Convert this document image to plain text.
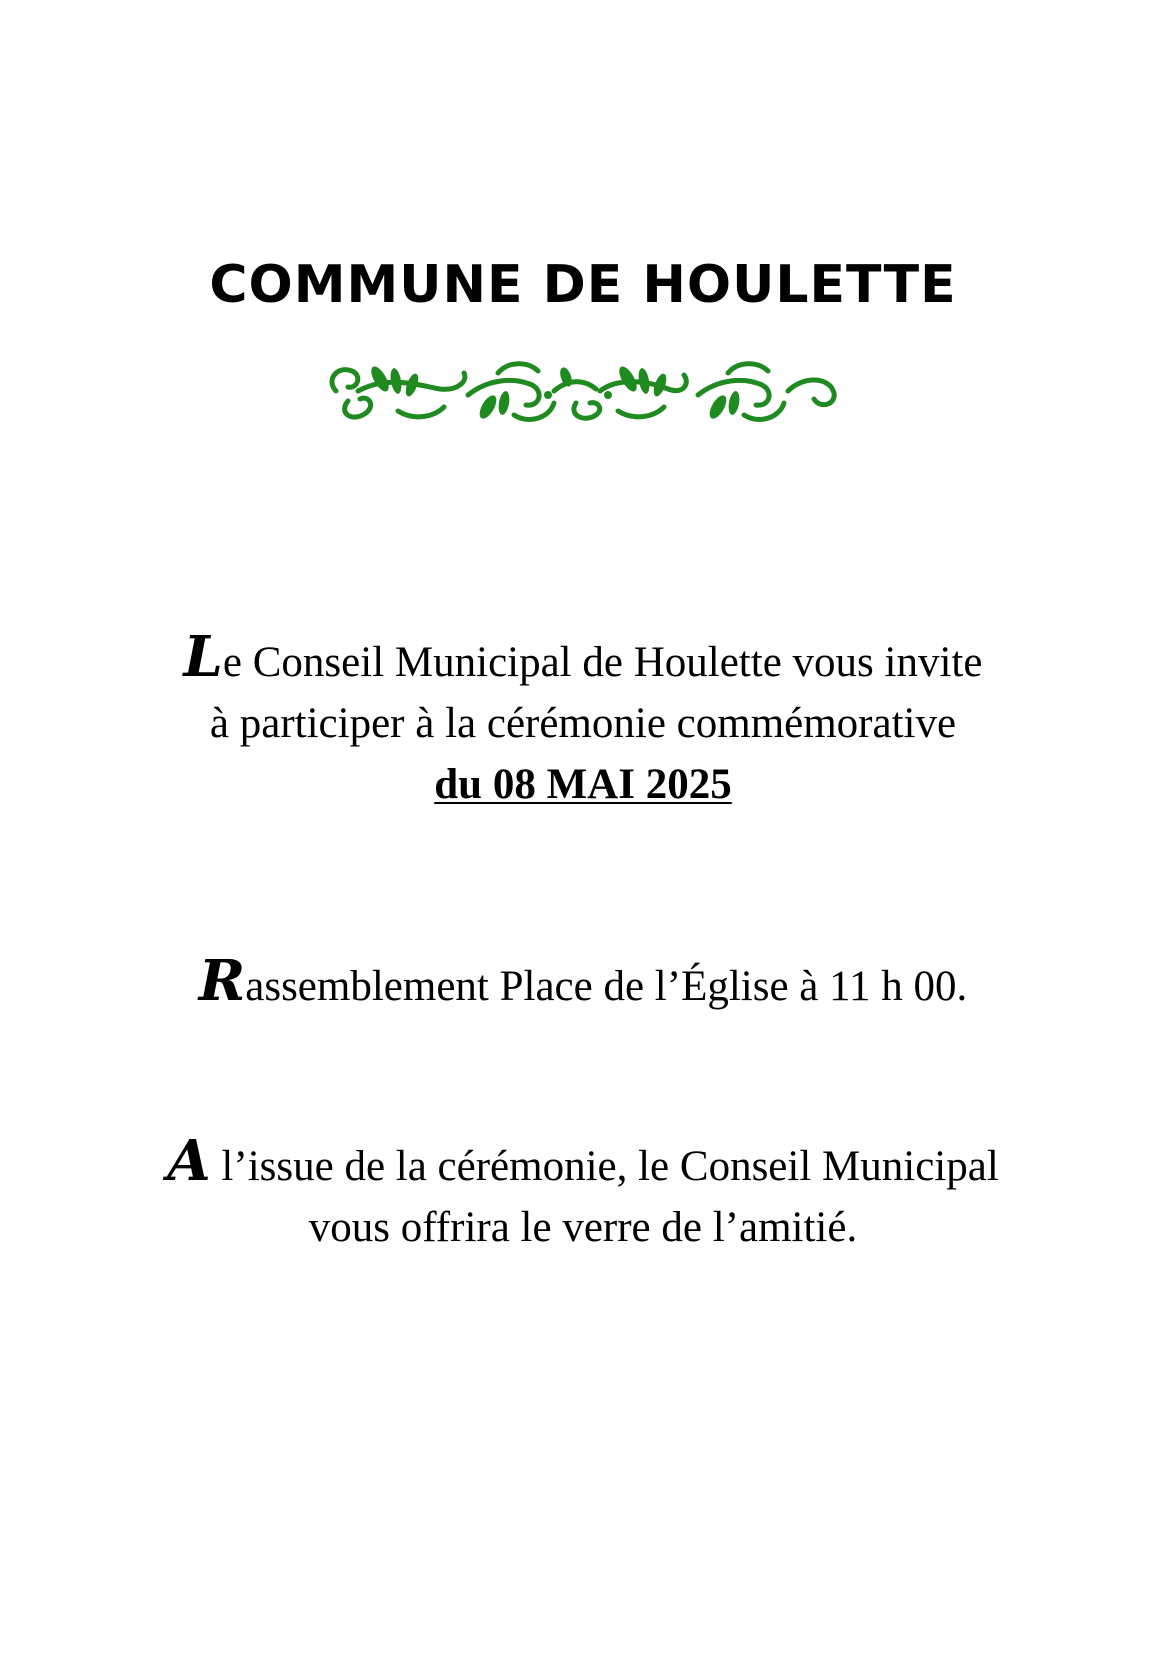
COMMUNE DE HOULETTE

Le Conseil Municipal de Houlette vous invite
à participer à la cérémonie commémorative
du 08 MAI 2025

Rassemblement Place de l’Église à 11 h 00.

A l’issue de la cérémonie, le Conseil Municipal
vous offrira le verre de l’amitié.
